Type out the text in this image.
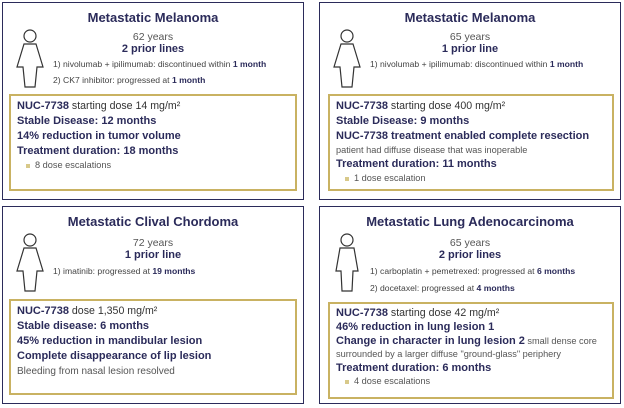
Metastatic Melanoma
62 years
2 prior lines
1) nivolumab + ipilimumab: discontinued within 1 month
2) CK7 inhibitor: progressed at 1 month
NUC-7738 starting dose 14 mg/m²
Stable Disease: 12 months
14% reduction in tumor volume
Treatment duration: 18 months
8 dose escalations
Metastatic Melanoma
65 years
1 prior line
1) nivolumab + ipilimumab: discontinued within 1 month
NUC-7738 starting dose 400 mg/m²
Stable Disease: 9 months
NUC-7738 treatment enabled complete resection
patient had diffuse disease that was inoperable
Treatment duration: 11 months
1 dose escalation
Metastatic Clival Chordoma
72 years
1 prior line
1) imatinib: progressed at 19 months
NUC-7738 dose 1,350 mg/m²
Stable disease: 6 months
45% reduction in mandibular lesion
Complete disappearance of lip lesion
Bleeding from nasal lesion resolved
Metastatic Lung Adenocarcinoma
65 years
2 prior lines
1) carboplatin + pemetrexed: progressed at 6 months
2) docetaxel: progressed at 4 months
NUC-7738 starting dose 42 mg/m²
46% reduction in lung lesion 1
Change in character in lung lesion 2 small dense core
surrounded by a larger diffuse "ground-glass" periphery
Treatment duration: 6 months
4 dose escalations
